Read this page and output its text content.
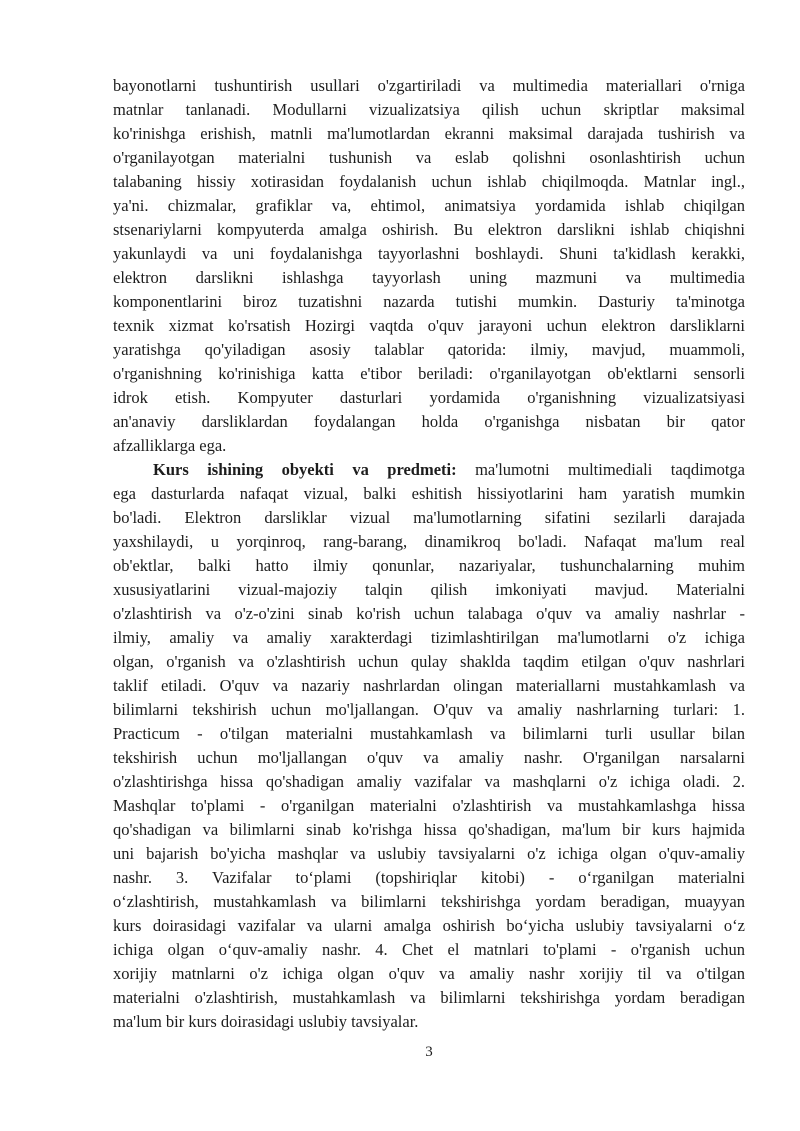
bayonotlarni tushuntirish usullari o'zgartiriladi va multimedia materiallari o'rniga
matnlar tanlanadi. Modullarni vizualizatsiya qilish uchun skriptlar maksimal
ko'rinishga erishish, matnli ma'lumotlardan ekranni maksimal darajada tushirish va
o'rganilayotgan materialni tushunish va eslab qolishni osonlashtirish uchun
talabaning hissiy xotirasidan foydalanish uchun ishlab chiqilmoqda. Matnlar ingl.,
ya'ni. chizmalar, grafiklar va, ehtimol, animatsiya yordamida ishlab chiqilgan
stsenariylarni kompyuterda amalga oshirish. Bu elektron darslikni ishlab chiqishni
yakunlaydi va uni foydalanishga tayyorlashni boshlaydi. Shuni ta'kidlash kerakki,
elektron darslikni ishlashga tayyorlash uning mazmuni va multimedia
komponentlarini biroz tuzatishni nazarda tutishi mumkin. Dasturiy ta'minotga
texnik xizmat ko'rsatish Hozirgi vaqtda o'quv jarayoni uchun elektron darsliklarni
yaratishga qo'yiladigan asosiy talablar qatorida: ilmiy, mavjud, muammoli,
o'rganishning ko'rinishiga katta e'tibor beriladi: o'rganilayotgan ob'ektlarni sensorli
idrok etish. Kompyuter dasturlari yordamida o'rganishning vizualizatsiyasi
an'anaviy darsliklardan foydalangan holda o'rganishga nisbatan bir qator
afzalliklarga ega.
Kurs ishining obyekti va predmeti: ma'lumotni multimediali taqdimotga
ega dasturlarda nafaqat vizual, balki eshitish hissiyotlarini ham yaratish mumkin
bo'ladi. Elektron darsliklar vizual ma'lumotlarning sifatini sezilarli darajada
yaxshilaydi, u yorqinroq, rang-barang, dinamikroq bo'ladi. Nafaqat ma'lum real
ob'ektlar, balki hatto ilmiy qonunlar, nazariyalar, tushunchalarning muhim
xususiyatlarini vizual-majoziy talqin qilish imkoniyati mavjud. Materialni
o'zlashtirish va o'z-o'zini sinab ko'rish uchun talabaga o'quv va amaliy nashrlar -
ilmiy, amaliy va amaliy xarakterdagi tizimlashtirilgan ma'lumotlarni o'z ichiga
olgan, o'rganish va o'zlashtirish uchun qulay shaklda taqdim etilgan o'quv nashrlari
taklif etiladi. O'quv va nazariy nashrlardan olingan materiallarni mustahkamlash va
bilimlarni tekshirish uchun mo'ljallangan. O'quv va amaliy nashrlarning turlari: 1.
Practicum - o'tilgan materialni mustahkamlash va bilimlarni turli usullar bilan
tekshirish uchun mo'ljallangan o'quv va amaliy nashr. O'rganilgan narsalarni
o'zlashtirishga hissa qo'shadigan amaliy vazifalar va mashqlarni o'z ichiga oladi. 2.
Mashqlar to'plami - o'rganilgan materialni o'zlashtirish va mustahkamlashga hissa
qo'shadigan va bilimlarni sinab ko'rishga hissa qo'shadigan, ma'lum bir kurs hajmida
uni bajarish bo'yicha mashqlar va uslubiy tavsiyalarni o'z ichiga olgan o'quv-amaliy
nashr. 3. Vazifalar to‘plami (topshiriqlar kitobi) - o‘rganilgan materialni
o‘zlashtirish, mustahkamlash va bilimlarni tekshirishga yordam beradigan, muayyan
kurs doirasidagi vazifalar va ularni amalga oshirish bo‘yicha uslubiy tavsiyalarni o‘z
ichiga olgan o‘quv-amaliy nashr. 4. Chet el matnlari to'plami - o'rganish uchun
xorijiy matnlarni o'z ichiga olgan o'quv va amaliy nashr xorijiy til va o'tilgan
materialni o'zlashtirish, mustahkamlash va bilimlarni tekshirishga yordam beradigan
ma'lum bir kurs doirasidagi uslubiy tavsiyalar.
3
